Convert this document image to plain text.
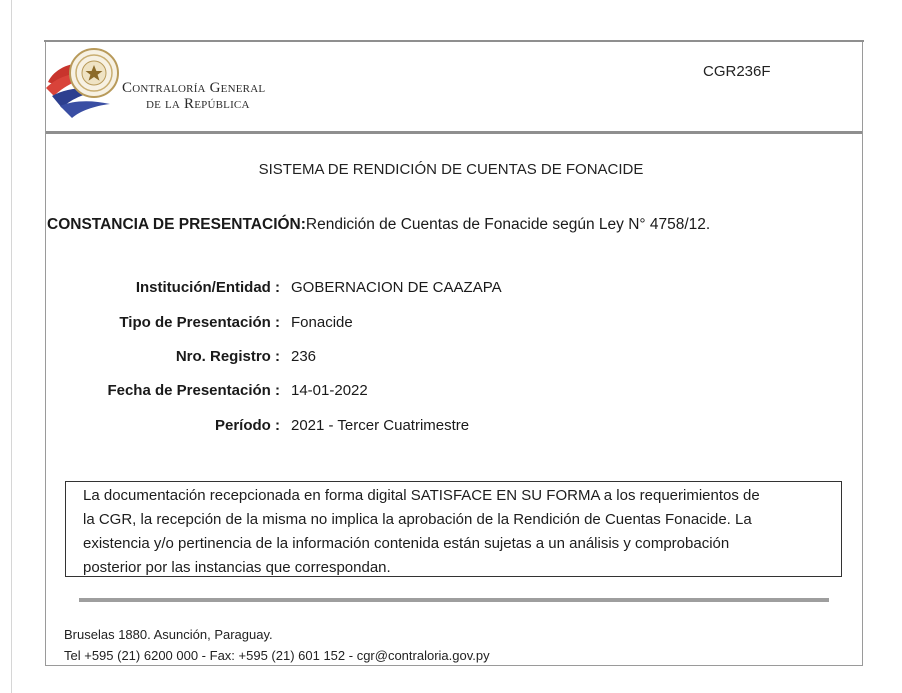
Contraloría General
de la República
CGR236F
SISTEMA DE RENDICIÓN DE CUENTAS DE FONACIDE
CONSTANCIA DE PRESENTACIÓN:Rendición de Cuentas de Fonacide según Ley N° 4758/12.
Institución/Entidad : GOBERNACION DE CAAZAPA
Tipo de Presentación : Fonacide
Nro. Registro : 236
Fecha de Presentación : 14-01-2022
Período : 2021 - Tercer Cuatrimestre
La documentación recepcionada en forma digital SATISFACE EN SU FORMA a los requerimientos de
la CGR, la recepción de la misma no implica la aprobación de la Rendición de Cuentas Fonacide. La
existencia y/o pertinencia de la información contenida están sujetas a un análisis y comprobación
posterior por las instancias que correspondan.
Bruselas 1880. Asunción, Paraguay.
Tel +595 (21) 6200 000 - Fax: +595 (21) 601 152 - cgr@contraloria.gov.py
